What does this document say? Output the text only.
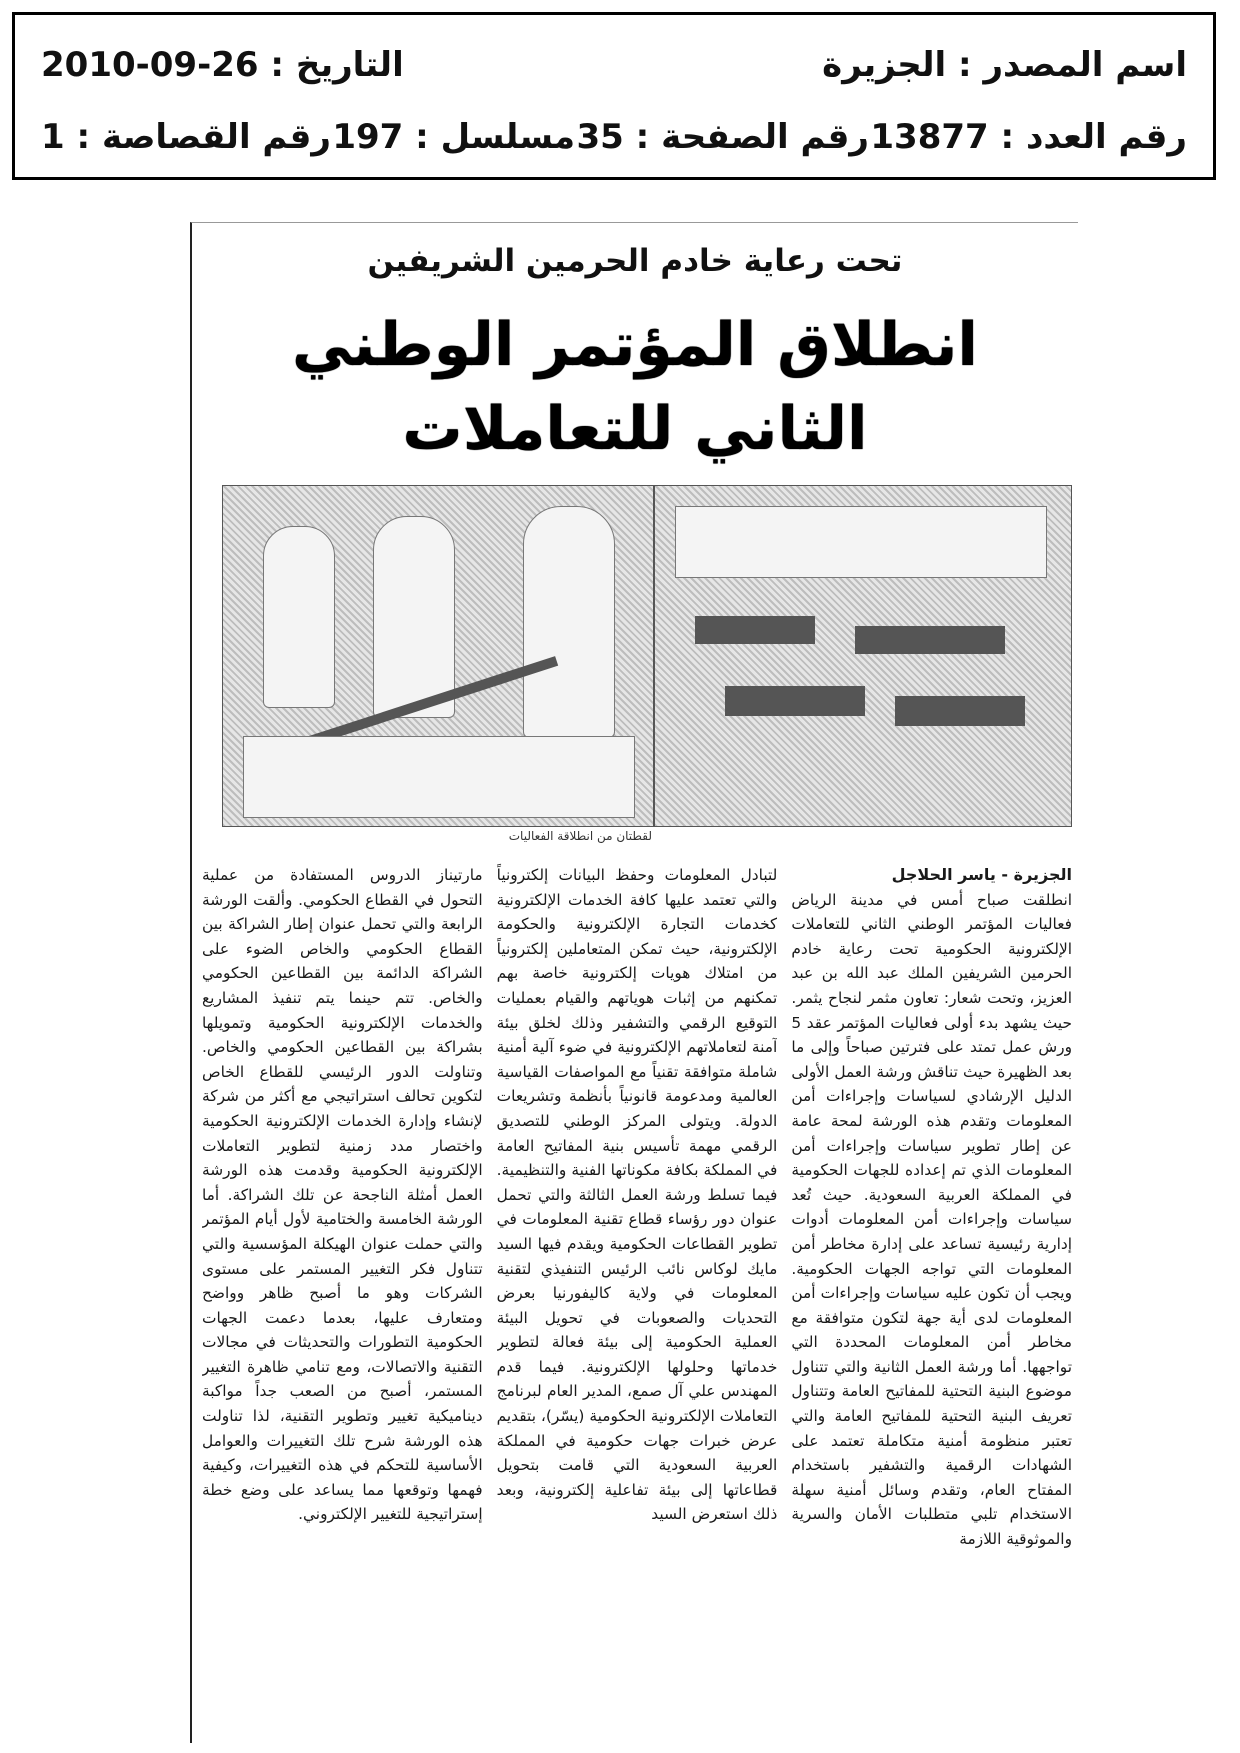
اسم المصدر : الجزيرة
التاريخ : 26-09-2010
رقم العدد : 13877
رقم الصفحة : 35
مسلسل : 197
رقم القصاصة : 1
تحت رعاية خادم الحرمين الشريفين
انطلاق المؤتمر الوطني الثاني للتعاملات
لقطتان من انطلاقة الفعاليات

الجزيرة - ياسر الحلاجل

انطلقت صباح أمس في مدينة الرياض فعاليات المؤتمر الوطني الثاني للتعاملات الإلكترونية الحكومية تحت رعاية خادم الحرمين الشريفين الملك عبد الله بن عبد العزيز، وتحت شعار: تعاون مثمر لنجاح يثمر. حيث يشهد بدء أولى فعاليات المؤتمر عقد 5 ورش عمل تمتد على فترتين صباحاً وإلى ما بعد الظهيرة حيث تناقش ورشة العمل الأولى الدليل الإرشادي لسياسات وإجراءات أمن المعلومات وتقدم هذه الورشة لمحة عامة عن إطار تطوير سياسات وإجراءات أمن المعلومات الذي تم إعداده للجهات الحكومية في المملكة العربية السعودية. حيث تُعد سياسات وإجراءات أمن المعلومات أدوات إدارية رئيسية تساعد على إدارة مخاطر أمن المعلومات التي تواجه الجهات الحكومية. ويجب أن تكون عليه سياسات وإجراءات أمن المعلومات لدى أية جهة لتكون متوافقة مع مخاطر أمن المعلومات المحددة التي تواجهها. أما ورشة العمل الثانية والتي تتناول موضوع البنية التحتية للمفاتيح العامة وتتناول تعريف البنية التحتية للمفاتيح العامة والتي تعتبر منظومة أمنية متكاملة تعتمد على الشهادات الرقمية والتشفير باستخدام المفتاح العام، وتقدم وسائل أمنية سهلة الاستخدام تلبي متطلبات الأمان والسرية والموثوقية اللازمة

لتبادل المعلومات وحفظ البيانات إلكترونياً والتي تعتمد عليها كافة الخدمات الإلكترونية كخدمات التجارة الإلكترونية والحكومة الإلكترونية، حيث تمكن المتعاملين إلكترونياً من امتلاك هويات إلكترونية خاصة بهم تمكنهم من إثبات هوياتهم والقيام بعمليات التوقيع الرقمي والتشفير وذلك لخلق بيئة آمنة لتعاملاتهم الإلكترونية في ضوء آلية أمنية شاملة متوافقة تقنياً مع المواصفات القياسية العالمية ومدعومة قانونياً بأنظمة وتشريعات الدولة. ويتولى المركز الوطني للتصديق الرقمي مهمة تأسيس بنية المفاتيح العامة في المملكة بكافة مكوناتها الفنية والتنظيمية. فيما تسلط ورشة العمل الثالثة والتي تحمل عنوان دور رؤساء قطاع تقنية المعلومات في تطوير القطاعات الحكومية ويقدم فيها السيد مايك لوكاس نائب الرئيس التنفيذي لتقنية المعلومات في ولاية كاليفورنيا بعرض التحديات والصعوبات في تحويل البيئة العملية الحكومية إلى بيئة فعالة لتطوير خدماتها وحلولها الإلكترونية. فيما قدم المهندس علي آل صمع، المدير العام لبرنامج التعاملات الإلكترونية الحكومية (يسّر)، بتقديم عرض خبرات جهات حكومية في المملكة العربية السعودية التي قامت بتحويل قطاعاتها إلى بيئة تفاعلية إلكترونية، وبعد ذلك استعرض السيد

مارتيناز الدروس المستفادة من عملية التحول في القطاع الحكومي. وألقت الورشة الرابعة والتي تحمل عنوان إطار الشراكة بين القطاع الحكومي والخاص الضوء على الشراكة الدائمة بين القطاعين الحكومي والخاص. تتم حينما يتم تنفيذ المشاريع والخدمات الإلكترونية الحكومية وتمويلها بشراكة بين القطاعين الحكومي والخاص. وتناولت الدور الرئيسي للقطاع الخاص لتكوين تحالف استراتيجي مع أكثر من شركة لإنشاء وإدارة الخدمات الإلكترونية الحكومية واختصار مدد زمنية لتطوير التعاملات الإلكترونية الحكومية وقدمت هذه الورشة العمل أمثلة الناجحة عن تلك الشراكة. أما الورشة الخامسة والختامية لأول أيام المؤتمر والتي حملت عنوان الهيكلة المؤسسية والتي تتناول فكر التغيير المستمر على مستوى الشركات وهو ما أصبح ظاهر وواضح ومتعارف عليها، بعدما دعمت الجهات الحكومية التطورات والتحديثات في مجالات التقنية والاتصالات، ومع تنامي ظاهرة التغيير المستمر، أصبح من الصعب جداً مواكبة ديناميكية تغيير وتطوير التقنية، لذا تناولت هذه الورشة شرح تلك التغييرات والعوامل الأساسية للتحكم في هذه التغييرات، وكيفية فهمها وتوقعها مما يساعد على وضع خطة إستراتيجية للتغيير الإلكتروني.
